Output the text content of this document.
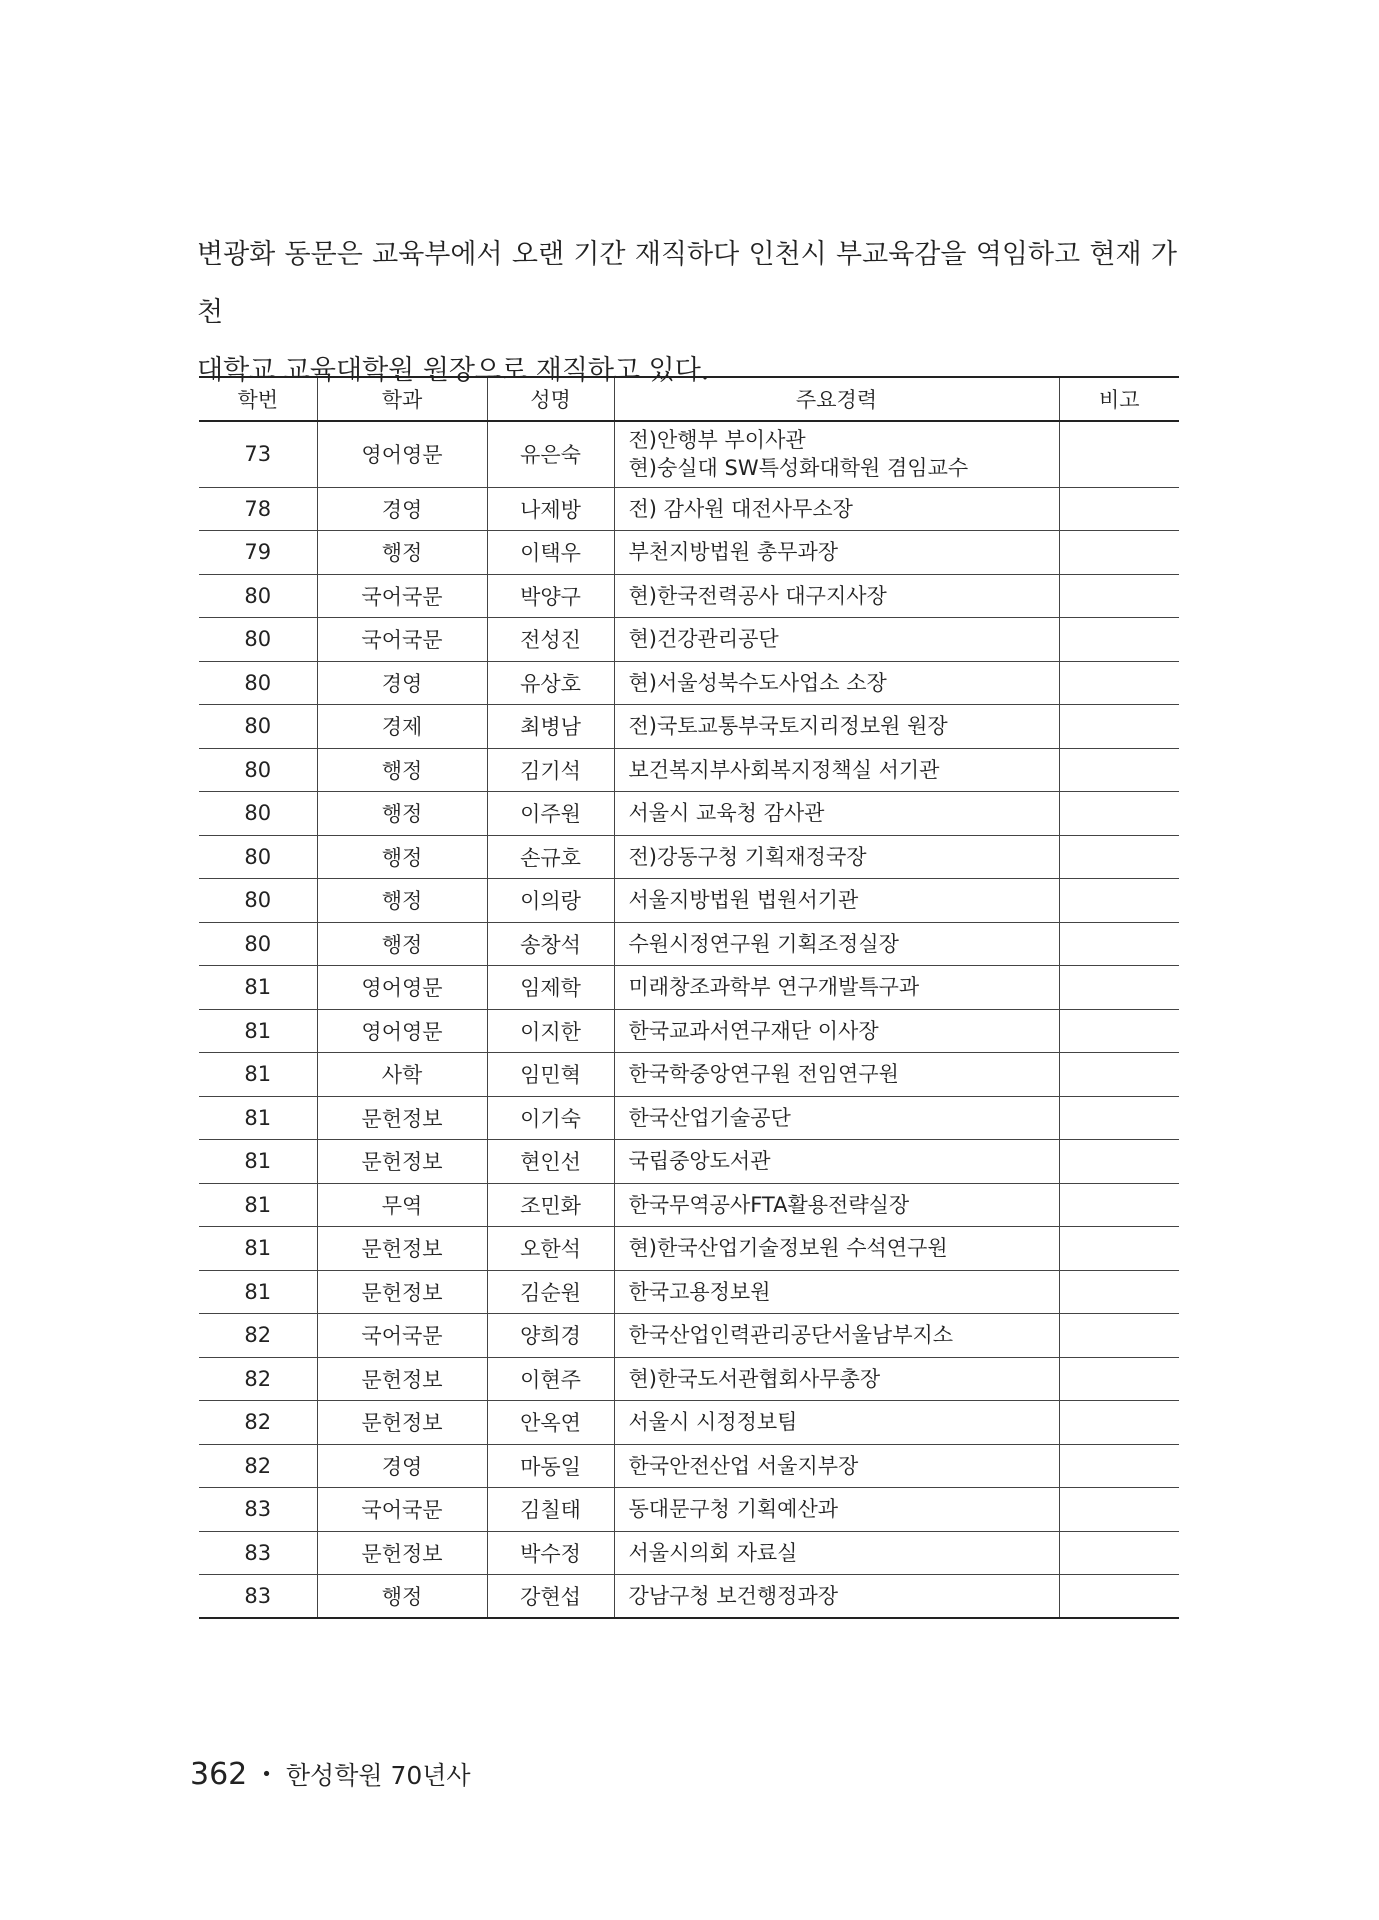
변광화 동문은 교육부에서 오랜 기간 재직하다 인천시 부교육감을 역임하고 현재 가천

대학교 교육대학원 원장으로 재직하고 있다.

학번	학과	성명	주요경력	비고
73	영어영문	유은숙	전)안행부 부이사관
현)숭실대 SW특성화대학원 겸임교수	

78	경영	나제방	전) 감사원 대전사무소장	

79	행정	이택우	부천지방법원 총무과장	

80	국어국문	박양구	현)한국전력공사 대구지사장	

80	국어국문	전성진	현)건강관리공단	

80	경영	유상호	현)서울성북수도사업소 소장	

80	경제	최병남	전)국토교통부국토지리정보원 원장	

80	행정	김기석	보건복지부사회복지정책실 서기관	

80	행정	이주원	서울시 교육청 감사관	

80	행정	손규호	전)강동구청 기획재정국장	

80	행정	이의랑	서울지방법원 법원서기관	

80	행정	송창석	수원시정연구원 기획조정실장	

81	영어영문	임제학	미래창조과학부 연구개발특구과	

81	영어영문	이지한	한국교과서연구재단 이사장	

81	사학	임민혁	한국학중앙연구원 전임연구원	

81	문헌정보	이기숙	한국산업기술공단	

81	문헌정보	현인선	국립중앙도서관	

81	무역	조민화	한국무역공사FTA활용전략실장	

81	문헌정보	오한석	현)한국산업기술정보원 수석연구원	

81	문헌정보	김순원	한국고용정보원	

82	국어국문	양희경	한국산업인력관리공단서울남부지소	

82	문헌정보	이현주	현)한국도서관협회사무총장	

82	문헌정보	안옥연	서울시 시정정보팀	

82	경영	마동일	한국안전산업 서울지부장	

83	국어국문	김칠태	동대문구청 기획예산과	

83	문헌정보	박수정	서울시의회 자료실	

83	행정	강현섭	강남구청 보건행정과장	

362 • 한성학원 70년사
